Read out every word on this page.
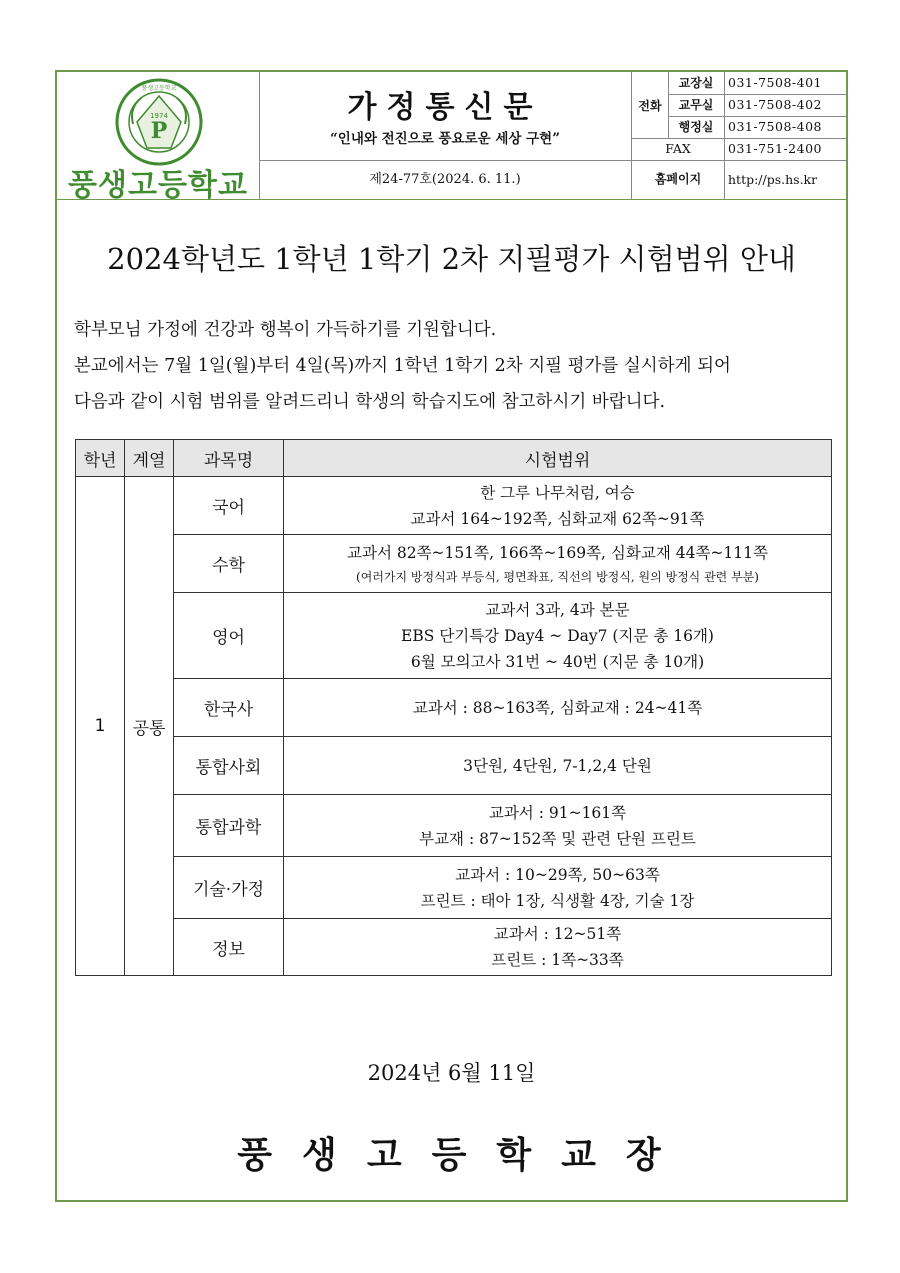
1974
P
풍생고등학교
풍생고등학교
가정통신문
“인내와 전진으로 풍요로운 세상 구현”
제24-77호(2024. 6. 11.)
전화
교장실	031-7508-401
교무실	031-7508-402
행정실	031-7508-408
FAX	031-751-2400
홈페이지	http://ps.hs.kr
2024학년도 1학년 1학기 2차 지필평가 시험범위 안내
학부모님 가정에 건강과 행복이 가득하기를 기원합니다.
본교에서는 7월 1일(월)부터 4일(목)까지 1학년 1학기 2차 지필 평가를 실시하게 되어
다음과 같이 시험 범위를 알려드리니 학생의 학습지도에 참고하시기 바랍니다.
학년	계열	과목명	시험범위
1	공통	국어	한 그루 나무처럼, 여승
교과서 164~192쪽, 심화교재 62쪽~91쪽

		수학	교과서 82쪽~151쪽, 166쪽~169쪽, 심화교재 44쪽~111쪽
(여러가지 방정식과 부등식, 평면좌표, 직선의 방정식, 원의 방정식 관련 부분)

		영어	교과서 3과, 4과 본문
EBS 단기특강 Day4 ~ Day7 (지문 총 16개)
6월 모의고사 31번 ~ 40번 (지문 총 10개)

		한국사	교과서 : 88~163쪽, 심화교재 : 24~41쪽

		통합사회	3단원, 4단원, 7-1,2,4 단원

		통합과학	교과서 : 91~161쪽
부교재 : 87~152쪽 및 관련 단원 프린트

		기술·가정	교과서 : 10~29쪽, 50~63쪽
프린트 : 태아 1장, 식생활 4장, 기술 1장

		정보	교과서 : 12~51쪽
프린트 : 1쪽~33쪽
2024년 6월 11일
풍생고등학교장
